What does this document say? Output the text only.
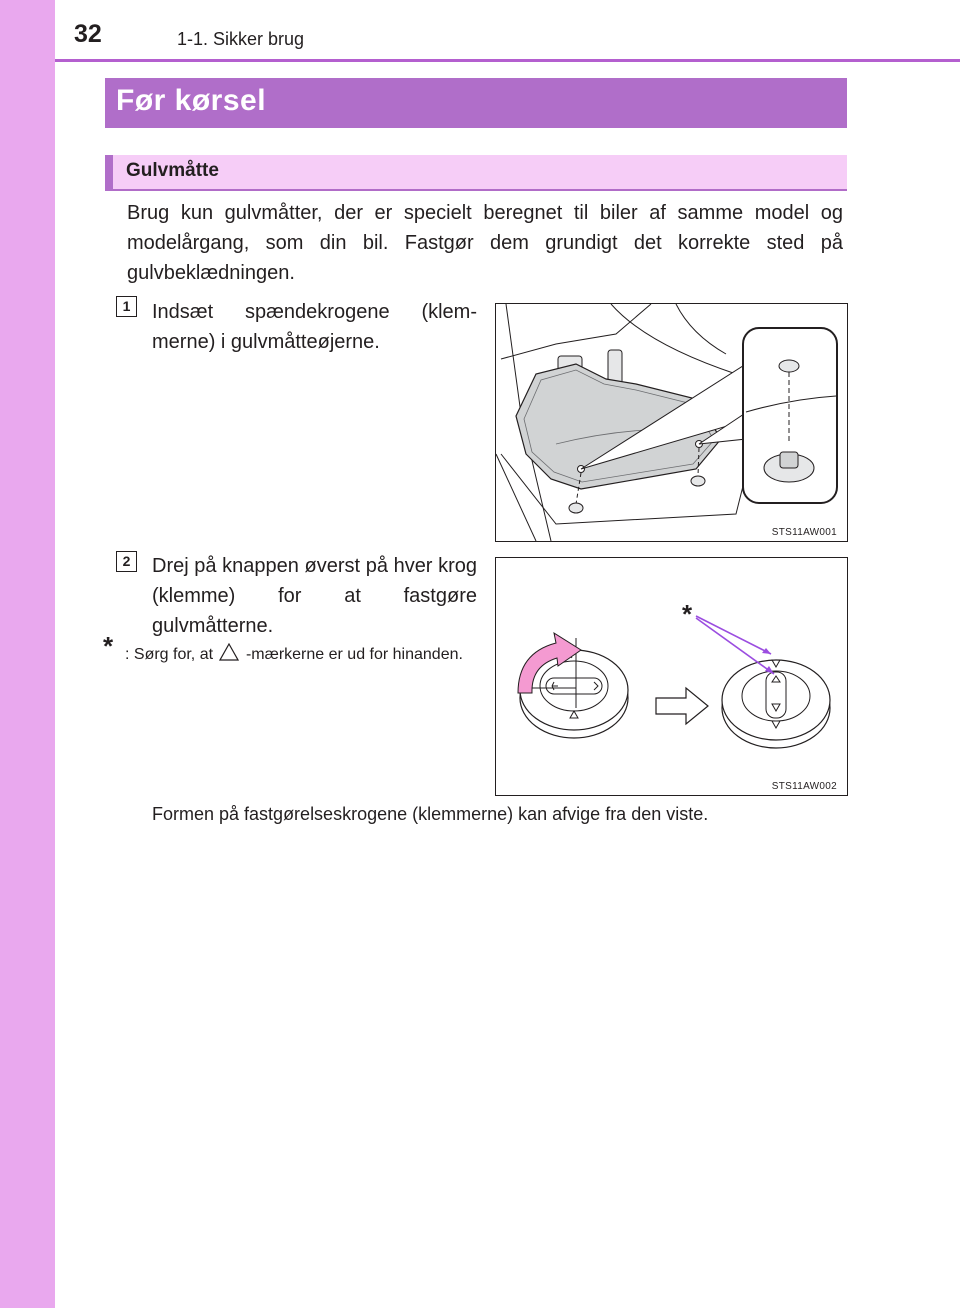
32	1-1. Sikker brug
Før kørsel
Gulvmåtte
Brug kun gulvmåtter, der er specielt beregnet til biler af samme model og modelårgang, som din bil. Fastgør dem grundigt det korrekte sted på gulvbeklædningen.
1	Indsæt spændekrogene (klem-merne) i gulvmåtteøjerne.
STS11AW001
2	Drej på knappen øverst på hver krog (klemme) for at fastgøre gulvmåtterne.
* : Sørg for, at -mærkerne er ud for hinanden.
*
STS11AW002
Formen på fastgørelseskrogene (klemmerne) kan afvige fra den viste.
